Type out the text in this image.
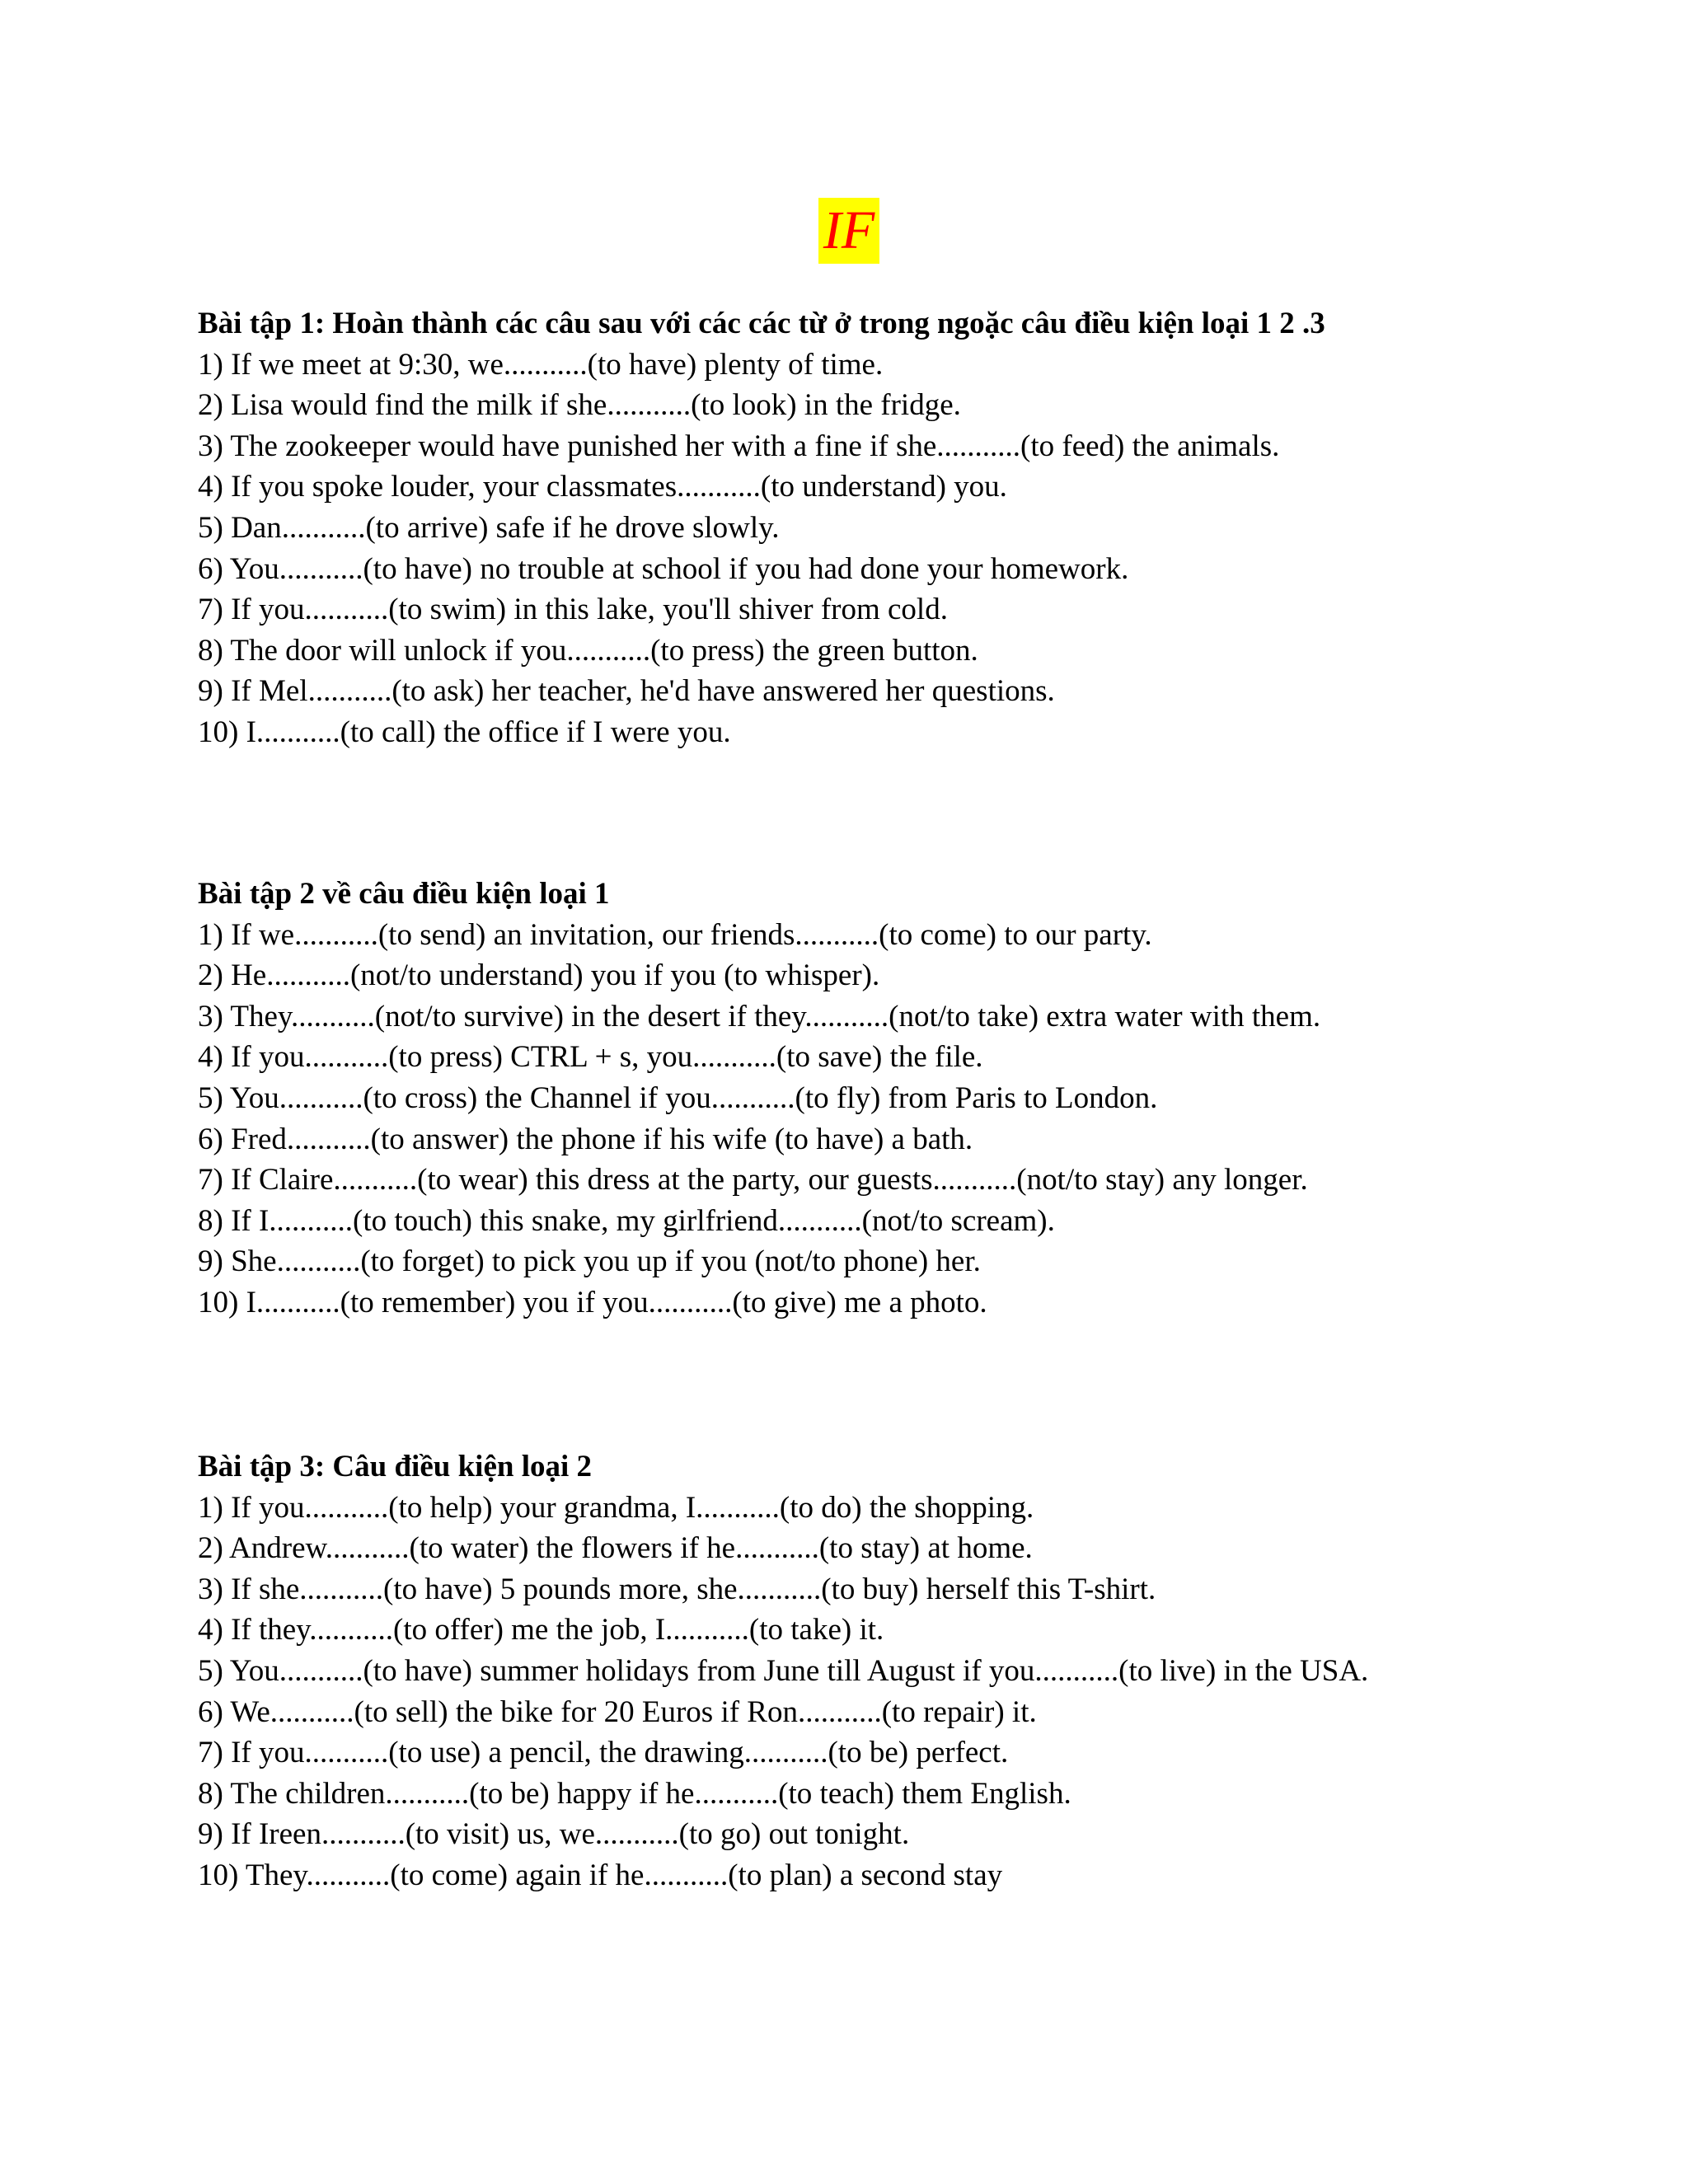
IF
Bài tập 1: Hoàn thành các câu sau với các các từ ở trong ngoặc câu điều kiện loại 1 2 .3
1) If we meet at 9:30, we...........(to have) plenty of time.
2) Lisa would find the milk if she...........(to look) in the fridge.
3) The zookeeper would have punished her with a fine if she...........(to feed) the animals.
4) If you spoke louder, your classmates...........(to understand) you.
5) Dan...........(to arrive) safe if he drove slowly.
6) You...........(to have) no trouble at school if you had done your homework.
7) If you...........(to swim) in this lake, you'll shiver from cold.
8) The door will unlock if you...........(to press) the green button.
9) If Mel...........(to ask) her teacher, he'd have answered her questions.
10) I...........(to call) the office if I were you.
Bài tập 2 về câu điều kiện loại 1
1) If we...........(to send) an invitation, our friends...........(to come) to our party.
2) He...........(not/to understand) you if you (to whisper).
3) They...........(not/to survive) in the desert if they...........(not/to take) extra water with them.
4) If you...........(to press) CTRL + s, you...........(to save) the file.
5) You...........(to cross) the Channel if you...........(to fly) from Paris to London.
6) Fred...........(to answer) the phone if his wife (to have) a bath.
7) If Claire...........(to wear) this dress at the party, our guests...........(not/to stay) any longer.
8) If I...........(to touch) this snake, my girlfriend...........(not/to scream).
9) She...........(to forget) to pick you up if you (not/to phone) her.
10) I...........(to remember) you if you...........(to give) me a photo.
Bài tập 3: Câu điều kiện loại 2
1) If you...........(to help) your grandma, I...........(to do) the shopping.
2) Andrew...........(to water) the flowers if he...........(to stay) at home.
3) If she...........(to have) 5 pounds more, she...........(to buy) herself this T-shirt.
4) If they...........(to offer) me the job, I...........(to take) it.
5) You...........(to have) summer holidays from June till August if you...........(to live) in the USA.
6) We...........(to sell) the bike for 20 Euros if Ron...........(to repair) it.
7) If you...........(to use) a pencil, the drawing...........(to be) perfect.
8) The children...........(to be) happy if he...........(to teach) them English.
9) If Ireen...........(to visit) us, we...........(to go) out tonight.
10) They...........(to come) again if he...........(to plan) a second stay
